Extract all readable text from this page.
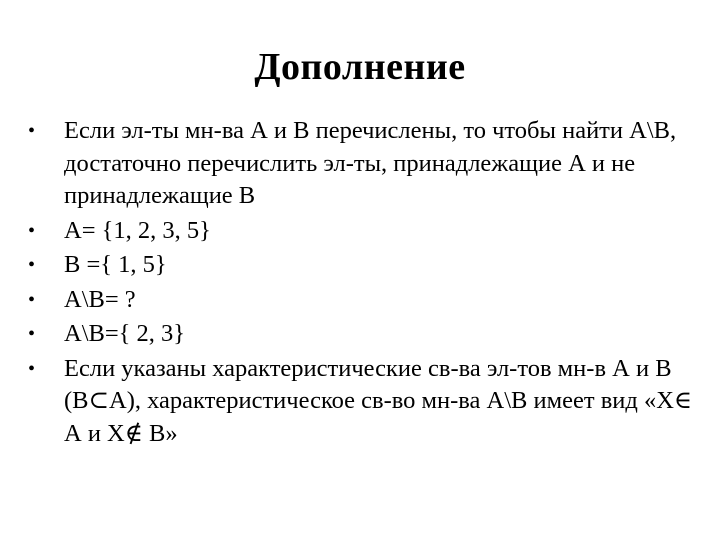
Дополнение
•	Если эл-ты мн-ва А и В перечислены, то чтобы найти А\В, достаточно перечислить эл-ты, принадлежащие А и не принадлежащие В
•	А= {1, 2, 3, 5}
•	В ={ 1, 5}
•	А\В= ?
•	А\В={ 2, 3}
•	Если указаны характеристические св-ва эл-тов мн-в А и В (В⊂А), характеристическое св-во мн-ва А\В имеет вид «Х∈ А и Х∉ В»
